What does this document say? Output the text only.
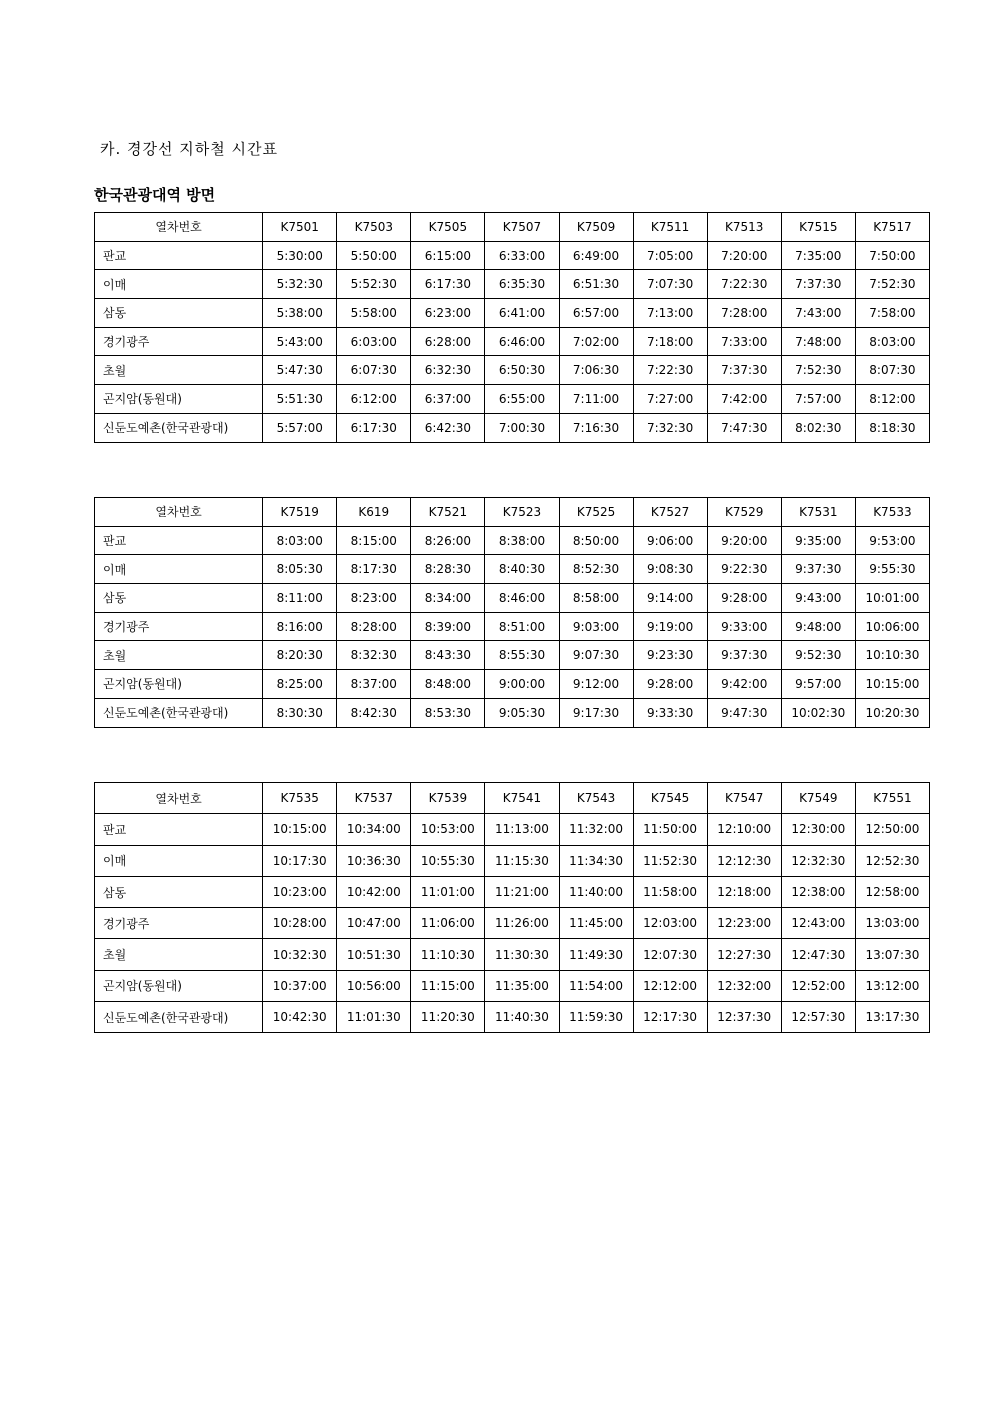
카. 경강선 지하철 시간표
한국관광대역 방면
열차번호	K7501	K7503	K7505	K7507	K7509	K7511	K7513	K7515	K7517
판교	5:30:00	5:50:00	6:15:00	6:33:00	6:49:00	7:05:00	7:20:00	7:35:00	7:50:00
이매	5:32:30	5:52:30	6:17:30	6:35:30	6:51:30	7:07:30	7:22:30	7:37:30	7:52:30
삼동	5:38:00	5:58:00	6:23:00	6:41:00	6:57:00	7:13:00	7:28:00	7:43:00	7:58:00
경기광주	5:43:00	6:03:00	6:28:00	6:46:00	7:02:00	7:18:00	7:33:00	7:48:00	8:03:00
초월	5:47:30	6:07:30	6:32:30	6:50:30	7:06:30	7:22:30	7:37:30	7:52:30	8:07:30
곤지암(동원대)	5:51:30	6:12:00	6:37:00	6:55:00	7:11:00	7:27:00	7:42:00	7:57:00	8:12:00
신둔도예촌(한국관광대)	5:57:00	6:17:30	6:42:30	7:00:30	7:16:30	7:32:30	7:47:30	8:02:30	8:18:30
열차번호	K7519	K619	K7521	K7523	K7525	K7527	K7529	K7531	K7533
판교	8:03:00	8:15:00	8:26:00	8:38:00	8:50:00	9:06:00	9:20:00	9:35:00	9:53:00
이매	8:05:30	8:17:30	8:28:30	8:40:30	8:52:30	9:08:30	9:22:30	9:37:30	9:55:30
삼동	8:11:00	8:23:00	8:34:00	8:46:00	8:58:00	9:14:00	9:28:00	9:43:00	10:01:00
경기광주	8:16:00	8:28:00	8:39:00	8:51:00	9:03:00	9:19:00	9:33:00	9:48:00	10:06:00
초월	8:20:30	8:32:30	8:43:30	8:55:30	9:07:30	9:23:30	9:37:30	9:52:30	10:10:30
곤지암(동원대)	8:25:00	8:37:00	8:48:00	9:00:00	9:12:00	9:28:00	9:42:00	9:57:00	10:15:00
신둔도예촌(한국관광대)	8:30:30	8:42:30	8:53:30	9:05:30	9:17:30	9:33:30	9:47:30	10:02:30	10:20:30
열차번호	K7535	K7537	K7539	K7541	K7543	K7545	K7547	K7549	K7551
판교	10:15:00	10:34:00	10:53:00	11:13:00	11:32:00	11:50:00	12:10:00	12:30:00	12:50:00
이매	10:17:30	10:36:30	10:55:30	11:15:30	11:34:30	11:52:30	12:12:30	12:32:30	12:52:30
삼동	10:23:00	10:42:00	11:01:00	11:21:00	11:40:00	11:58:00	12:18:00	12:38:00	12:58:00
경기광주	10:28:00	10:47:00	11:06:00	11:26:00	11:45:00	12:03:00	12:23:00	12:43:00	13:03:00
초월	10:32:30	10:51:30	11:10:30	11:30:30	11:49:30	12:07:30	12:27:30	12:47:30	13:07:30
곤지암(동원대)	10:37:00	10:56:00	11:15:00	11:35:00	11:54:00	12:12:00	12:32:00	12:52:00	13:12:00
신둔도예촌(한국관광대)	10:42:30	11:01:30	11:20:30	11:40:30	11:59:30	12:17:30	12:37:30	12:57:30	13:17:30
